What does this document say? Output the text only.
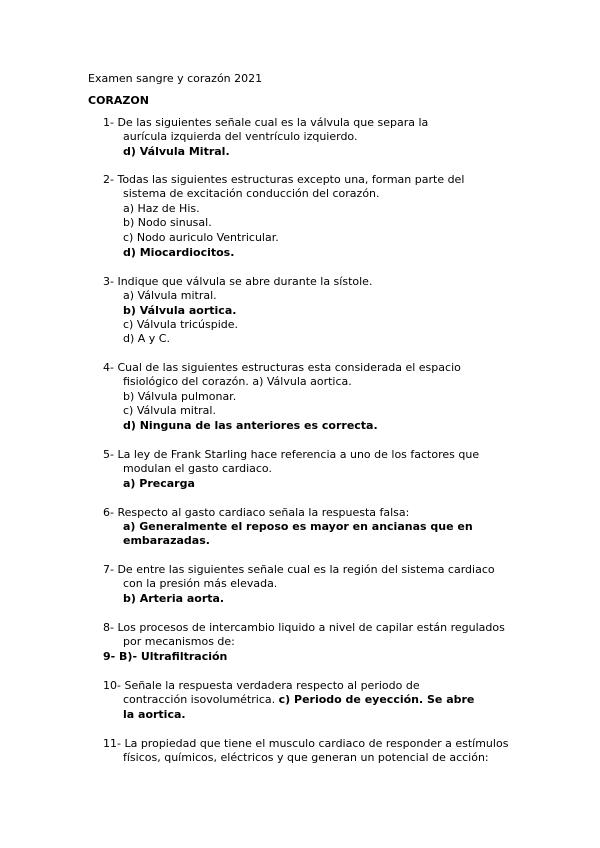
Examen sangre y corazón 2021
CORAZON
1- De las siguientes señale cual es la válvula que separa la
aurícula izquierda del ventrículo izquierdo.
d) Válvula Mitral.
2- Todas las siguientes estructuras excepto una, forman parte del
sistema de excitación conducción del corazón.
a) Haz de His.
b) Nodo sinusal.
c) Nodo auriculo Ventricular.
d) Miocardiocitos.
3- Indique que válvula se abre durante la sístole.
a) Válvula mitral.
b) Válvula aortica.
c) Válvula tricúspide.
d) A y C.
4- Cual de las siguientes estructuras esta considerada el espacio
fisiológico del corazón. a) Válvula aortica.
b) Válvula pulmonar.
c) Válvula mitral.
d) Ninguna de las anteriores es correcta.
5- La ley de Frank Starling hace referencia a uno de los factores que
modulan el gasto cardiaco.
a) Precarga
6- Respecto al gasto cardiaco señala la respuesta falsa:
a) Generalmente el reposo es mayor en ancianas que en
embarazadas.
7- De entre las siguientes señale cual es la región del sistema cardiaco
con la presión más elevada.
b) Arteria aorta.
8- Los procesos de intercambio liquido a nivel de capilar están regulados
por mecanismos de:
9- B)- Ultrafiltración
10- Señale la respuesta verdadera respecto al periodo de
contracción isovolumétrica. c) Periodo de eyección. Se abre
la aortica.
11- La propiedad que tiene el musculo cardiaco de responder a estímulos
físicos, químicos, eléctricos y que generan un potencial de acción:
